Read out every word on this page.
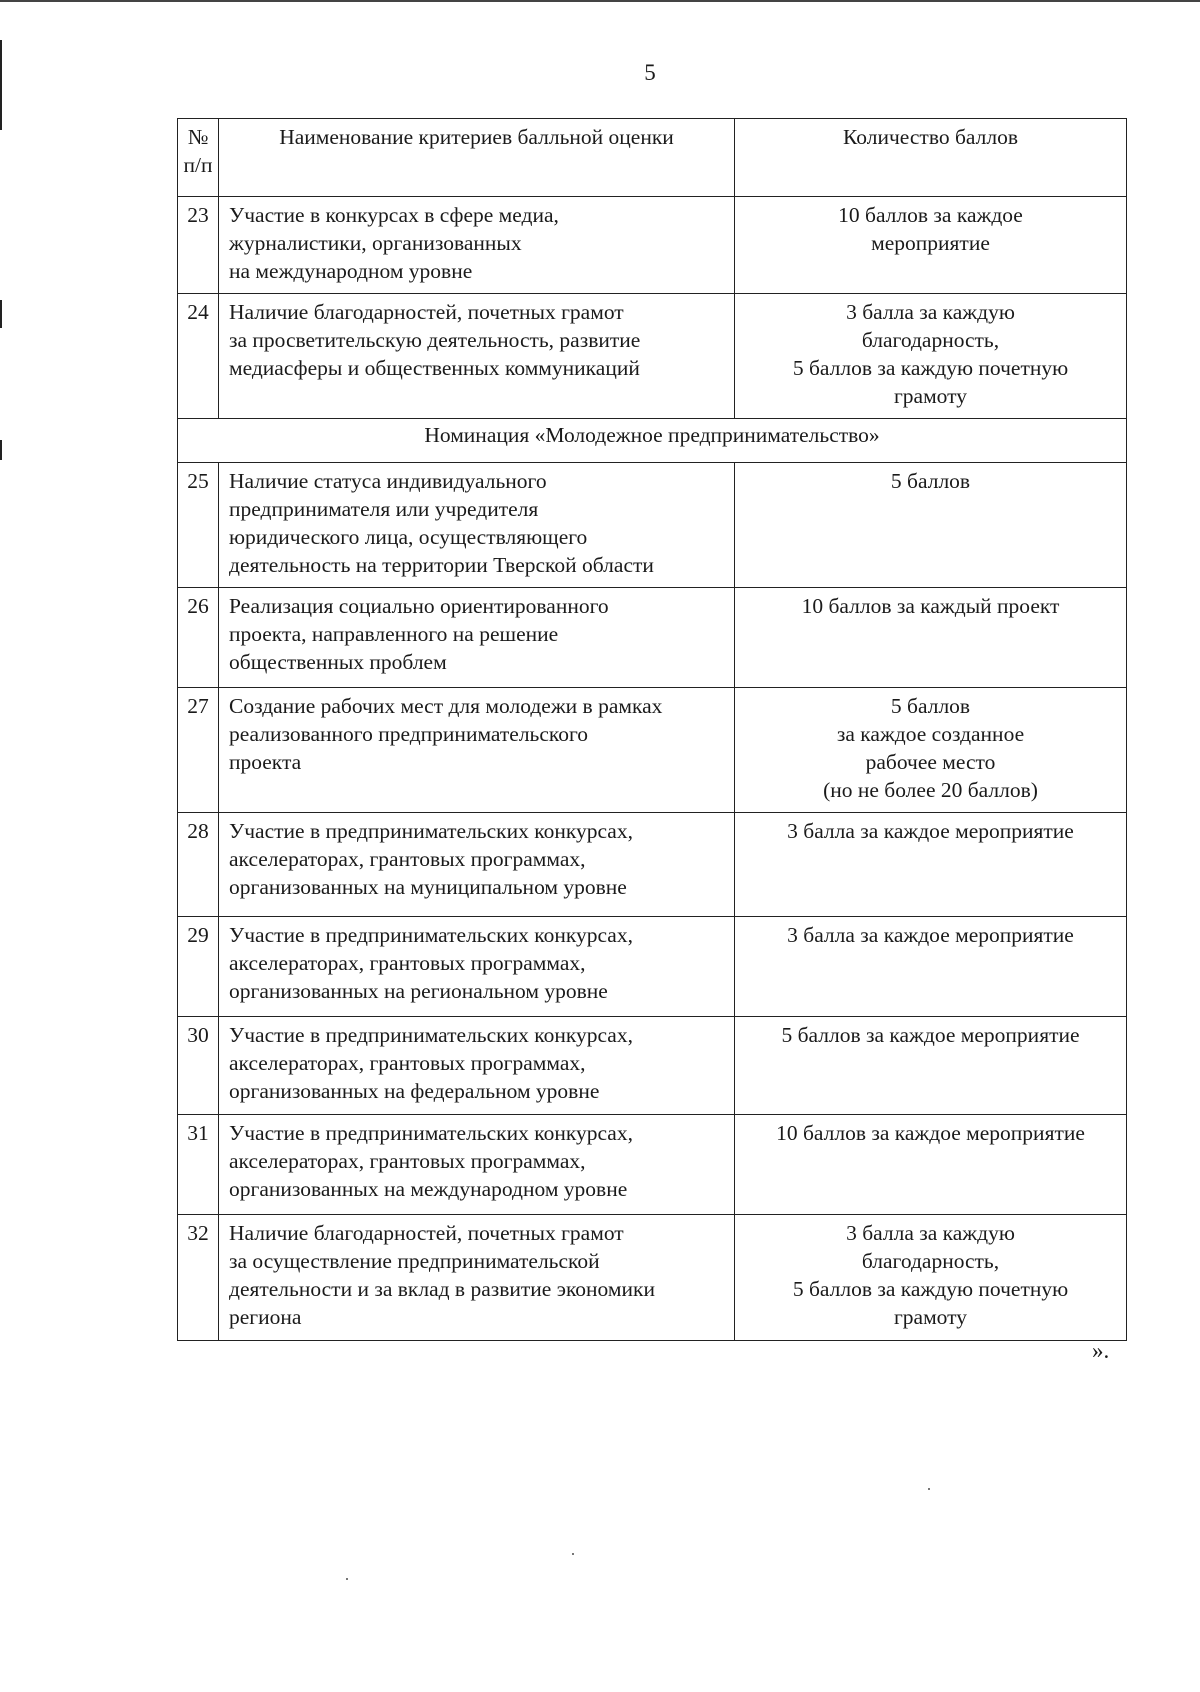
5
№
п/п	Наименование критериев балльной оценки	Количество баллов
23	Участие в конкурсах в сфере медиа,
журналистики, организованных
на международном уровне	10 баллов за каждое
мероприятие
24	Наличие благодарностей, почетных грамот
за просветительскую деятельность, развитие
медиасферы и общественных коммуникаций	3 балла за каждую
благодарность,
5 баллов за каждую почетную
грамоту
Номинация «Молодежное предпринимательство»		
25	Наличие статуса индивидуального
предпринимателя или учредителя
юридического лица, осуществляющего
деятельность на территории Тверской области	5 баллов
26	Реализация социально ориентированного
проекта, направленного на решение
общественных проблем	10 баллов за каждый проект
27	Создание рабочих мест для молодежи в рамках
реализованного предпринимательского
проекта	5 баллов
за каждое созданное
рабочее место
(но не более 20 баллов)
28	Участие в предпринимательских конкурсах,
акселераторах, грантовых программах,
организованных на муниципальном уровне	3 балла за каждое мероприятие
29	Участие в предпринимательских конкурсах,
акселераторах, грантовых программах,
организованных на региональном уровне	3 балла за каждое мероприятие
30	Участие в предпринимательских конкурсах,
акселераторах, грантовых программах,
организованных на федеральном уровне	5 баллов за каждое мероприятие
31	Участие в предпринимательских конкурсах,
акселераторах, грантовых программах,
организованных на международном уровне	10 баллов за каждое мероприятие
32	Наличие благодарностей, почетных грамот
за осуществление предпринимательской
деятельности и за вклад в развитие экономики
региона	3 балла за каждую
благодарность,
5 баллов за каждую почетную
грамоту
».
